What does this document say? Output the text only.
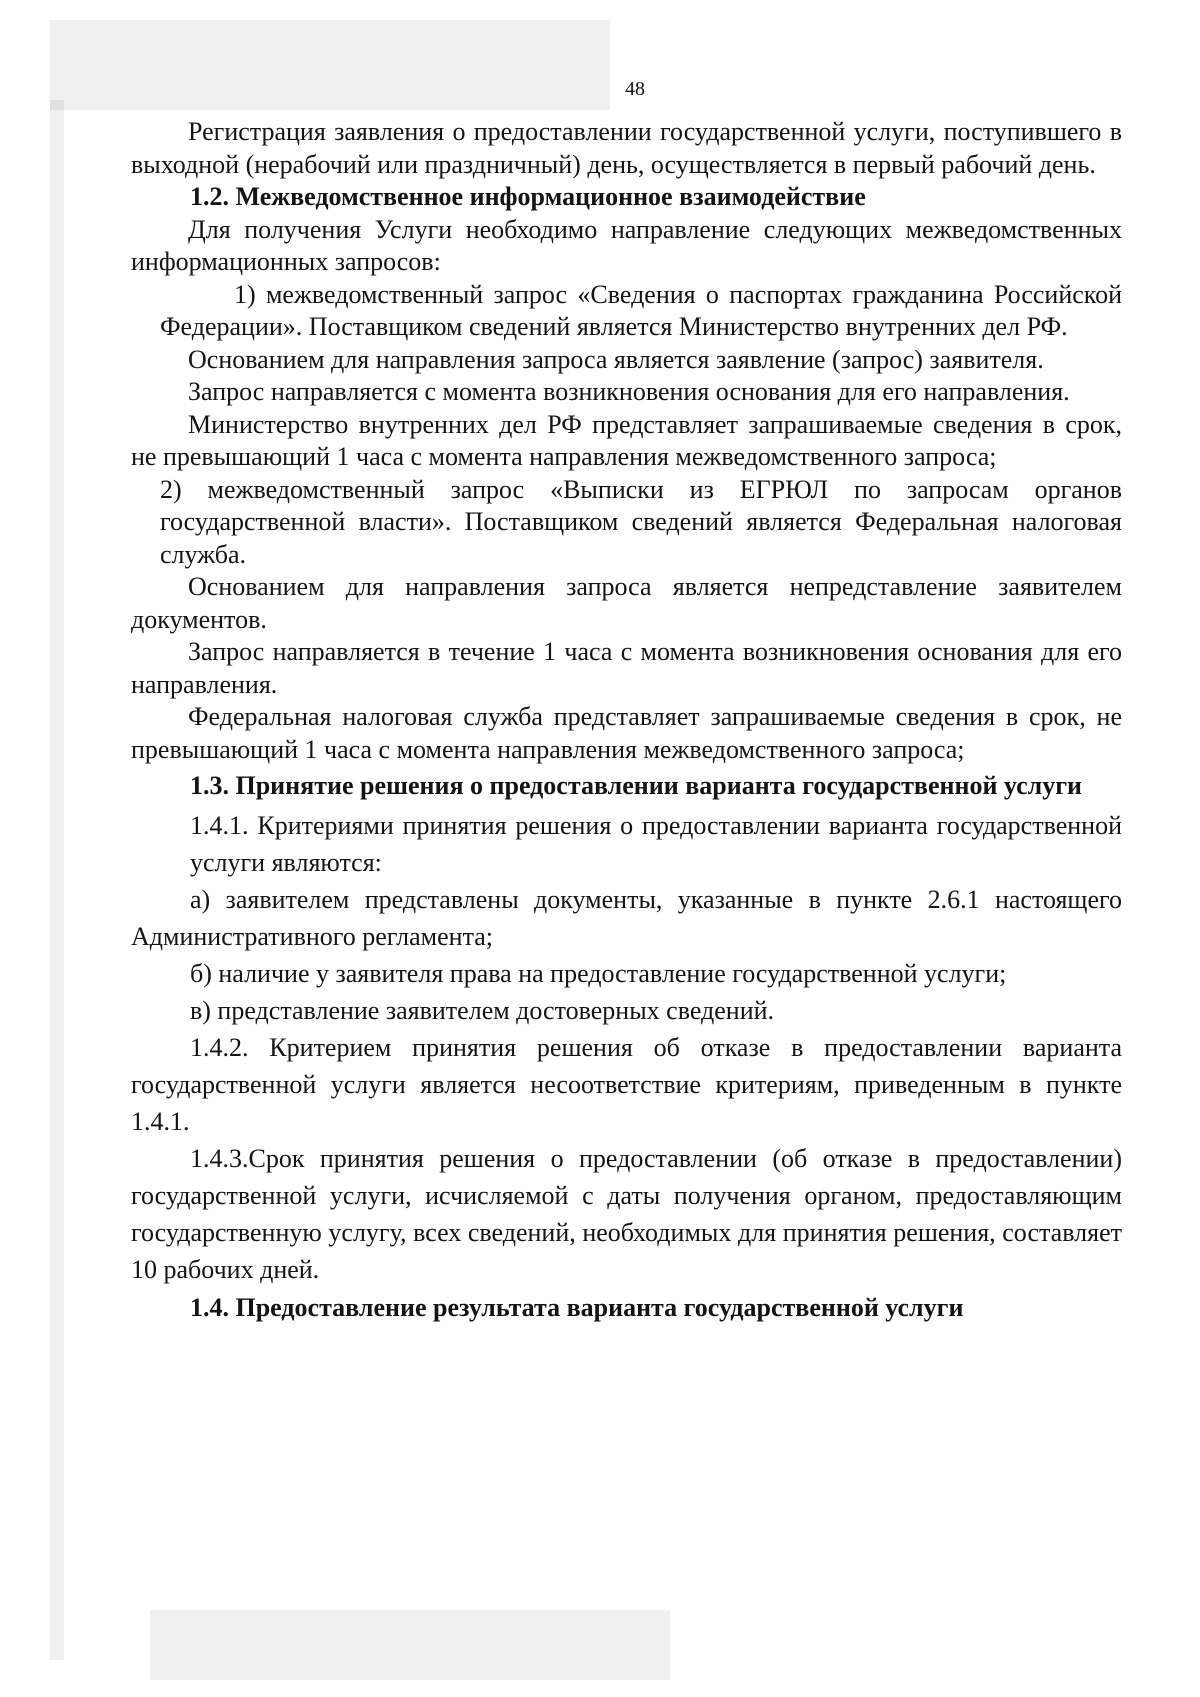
48

Регистрация заявления о предоставлении государственной услуги, поступившего в выходной (нерабочий или праздничный) день, осуществляется в первый рабочий день.

1.2. Межведомственное информационное взаимодействие

Для получения Услуги необходимо направление следующих межведомственных информационных запросов:

1) межведомственный запрос «Сведения о паспортах гражданина Российской Федерации». Поставщиком сведений является Министерство внутренних дел РФ.

Основанием для направления запроса является заявление (запрос) заявителя.

Запрос направляется с момента возникновения основания для его направления.

Министерство внутренних дел РФ представляет запрашиваемые сведения в срок, не превышающий 1 часа с момента направления межведомственного запроса;

2) межведомственный запрос «Выписки из ЕГРЮЛ по запросам органов государственной власти». Поставщиком сведений является Федеральная налоговая служба.

Основанием для направления запроса является непредставление заявителем документов.

Запрос направляется в течение 1 часа с момента возникновения основания для его направления.

Федеральная налоговая служба представляет запрашиваемые сведения в срок, не превышающий 1 часа с момента направления межведомственного запроса;

1.3. Принятие решения о предоставлении варианта государственной услуги

1.4.1. Критериями принятия решения о предоставлении варианта государственной услуги являются:

а) заявителем представлены документы, указанные в пункте 2.6.1 настоящего Административного регламента;

б) наличие у заявителя права на предоставление государственной услуги;

в) представление заявителем достоверных сведений.

1.4.2. Критерием принятия решения об отказе в предоставлении варианта государственной услуги является несоответствие критериям, приведенным в пункте 1.4.1.

1.4.3.Срок принятия решения о предоставлении (об отказе в предоставлении) государственной услуги, исчисляемой с даты получения органом, предоставляющим государственную услугу, всех сведений, необходимых для принятия решения, составляет 10 рабочих дней.

1.4. Предоставление результата варианта государственной услуги
